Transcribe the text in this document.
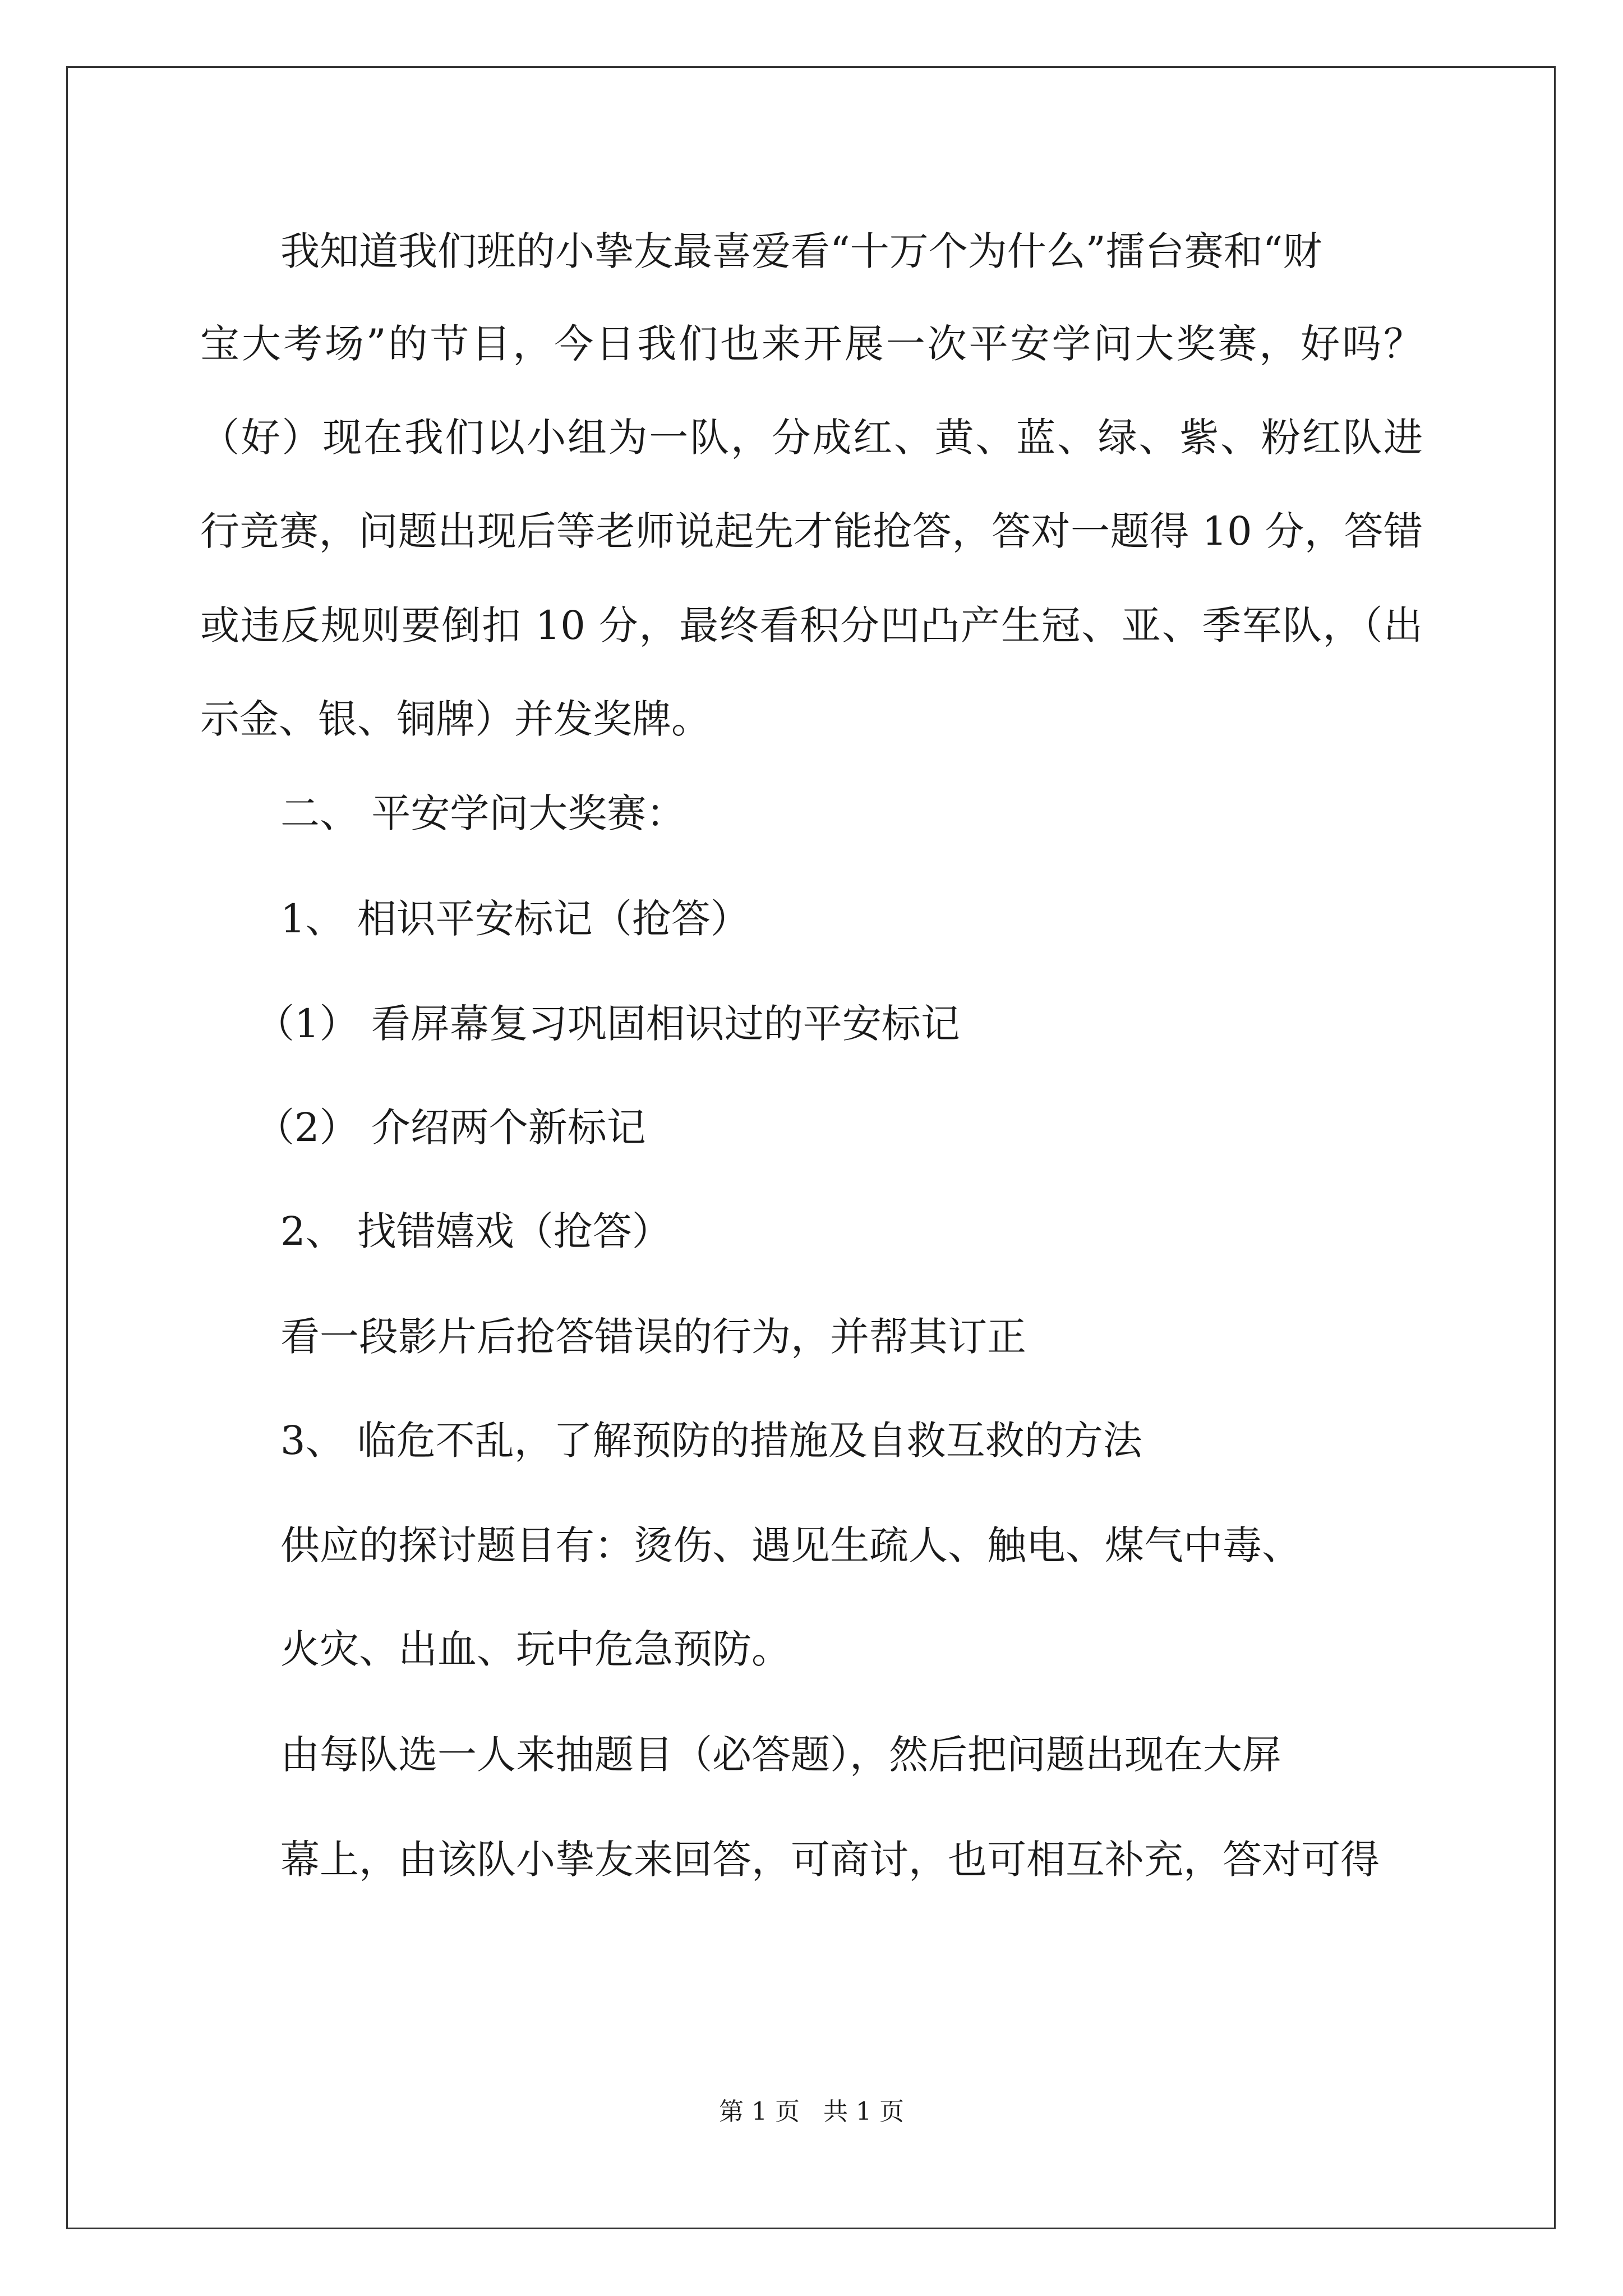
我知道我们班的小挚友最喜爱看“十万个为什么”擂台赛和“财
宝大考场”的节目，今日我们也来开展一次平安学问大奖赛，好吗？
（好）现在我们以小组为一队，分成红、黄、蓝、绿、紫、粉红队进
行竞赛，问题出现后等老师说起先才能抢答，答对一题得 10 分，答错
或违反规则要倒扣 10 分，最终看积分凹凸产生冠、亚、季军队，（出
示金、银、铜牌）并发奖牌。
二、 平安学问大奖赛：
1、 相识平安标记（抢答）
（1） 看屏幕复习巩固相识过的平安标记
（2） 介绍两个新标记
2、 找错嬉戏（抢答）
看一段影片后抢答错误的行为，并帮其订正
3、 临危不乱，了解预防的措施及自救互救的方法
供应的探讨题目有：烫伤、遇见生疏人、触电、煤气中毒、
火灾、出血、玩中危急预防。
由每队选一人来抽题目（必答题），然后把问题出现在大屏
幕上，由该队小挚友来回答，可商讨，也可相互补充，答对可得
第 1 页   共 1 页
